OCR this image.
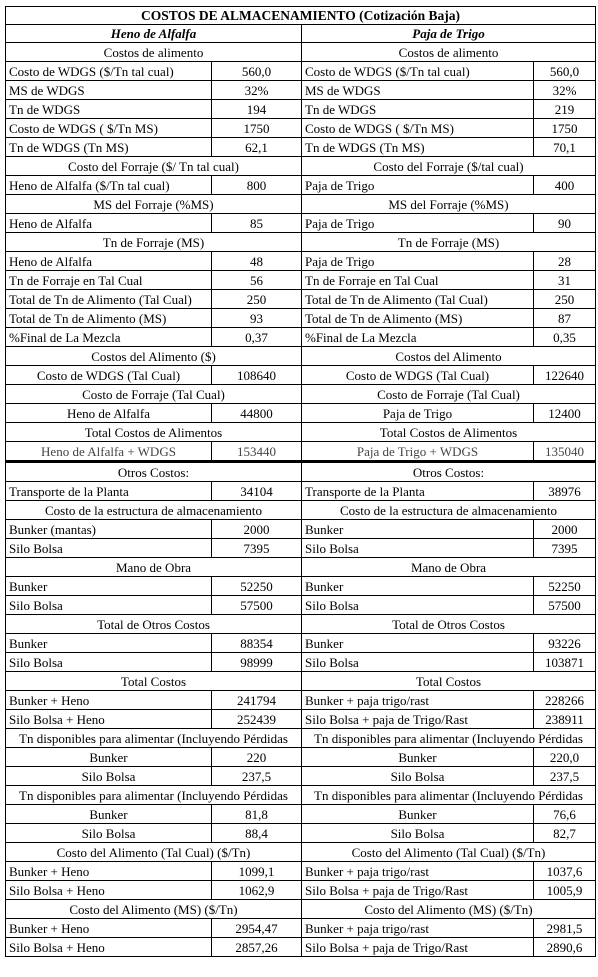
COSTOS DE ALMACENAMIENTO (Cotización Baja)			
Heno de Alfalfa		Paja de Trigo	
Costos de alimento		Costos de alimento	
Costo de WDGS ($/Tn tal cual)	560,0	Costo de WDGS ($/Tn tal cual)	560,0
MS de WDGS	32%	MS de WDGS	32%
Tn de WDGS	194	Tn de WDGS	219
Costo de WDGS ( $/Tn MS)	1750	Costo de WDGS ( $/Tn MS)	1750
Tn de WDGS (Tn MS)	62,1	Tn de WDGS (Tn MS)	70,1
Costo del Forraje ($/ Tn tal cual)		Costo del Forraje ($/tal cual)	
Heno de Alfalfa ($/Tn tal cual)	800	Paja de Trigo	400
MS del Forraje (%MS)		MS del Forraje (%MS)	
Heno de Alfalfa	85	Paja de Trigo	90
Tn de Forraje (MS)		Tn de Forraje (MS)	
Heno de Alfalfa	48	Paja de Trigo	28
Tn de Forraje en Tal Cual	56	Tn de Forraje en Tal Cual	31
Total de Tn de Alimento (Tal Cual)	250	Total de Tn de Alimento (Tal Cual)	250
Total de Tn de Alimento (MS)	93	Total de Tn de Alimento (MS)	87
%Final de La Mezcla	0,37	%Final de La Mezcla	0,35
Costos del Alimento ($)		Costos del Alimento	
Costo de WDGS (Tal Cual)	108640	Costo de WDGS (Tal Cual)	122640
Costo de Forraje (Tal Cual)		Costo de Forraje (Tal Cual)	
Heno de Alfalfa	44800	Paja de Trigo	12400
Total Costos de Alimentos		Total Costos de Alimentos	
Heno de Alfalfa + WDGS	153440	Paja de Trigo + WDGS	135040
Otros Costos:		Otros Costos:	
Transporte de la Planta	34104	Transporte de la Planta	38976
Costo de la estructura de almacenamiento		Costo de la estructura de almacenamiento	
Bunker (mantas)	2000	Bunker	2000
Silo Bolsa	7395	Silo Bolsa	7395
Mano de Obra		Mano de Obra	
Bunker	52250	Bunker	52250
Silo Bolsa	57500	Silo Bolsa	57500
Total de Otros Costos		Total de Otros Costos	
Bunker	88354	Bunker	93226
Silo Bolsa	98999	Silo Bolsa	103871
Total Costos		Total Costos	
Bunker + Heno	241794	Bunker + paja trigo/rast	228266
Silo Bolsa + Heno	252439	Silo Bolsa + paja de Trigo/Rast	238911
Tn disponibles para alimentar (Incluyendo Pérdidas		Tn disponibles para alimentar (Incluyendo Pérdidas	
Bunker	220	Bunker	220,0
Silo Bolsa	237,5	Silo Bolsa	237,5
Tn disponibles para alimentar (Incluyendo Pérdidas		Tn disponibles para alimentar (Incluyendo Pérdidas	
Bunker	81,8	Bunker	76,6
Silo Bolsa	88,4	Silo Bolsa	82,7
Costo del Alimento (Tal Cual) ($/Tn)		Costo del Alimento (Tal Cual) ($/Tn)	
Bunker + Heno	1099,1	Bunker + paja trigo/rast	1037,6
Silo Bolsa + Heno	1062,9	Silo Bolsa + paja de Trigo/Rast	1005,9
Costo del Alimento (MS) ($/Tn)		Costo del Alimento (MS) ($/Tn)	
Bunker + Heno	2954,47	Bunker + paja trigo/rast	2981,5
Silo Bolsa + Heno	2857,26	Silo Bolsa + paja de Trigo/Rast	2890,6
